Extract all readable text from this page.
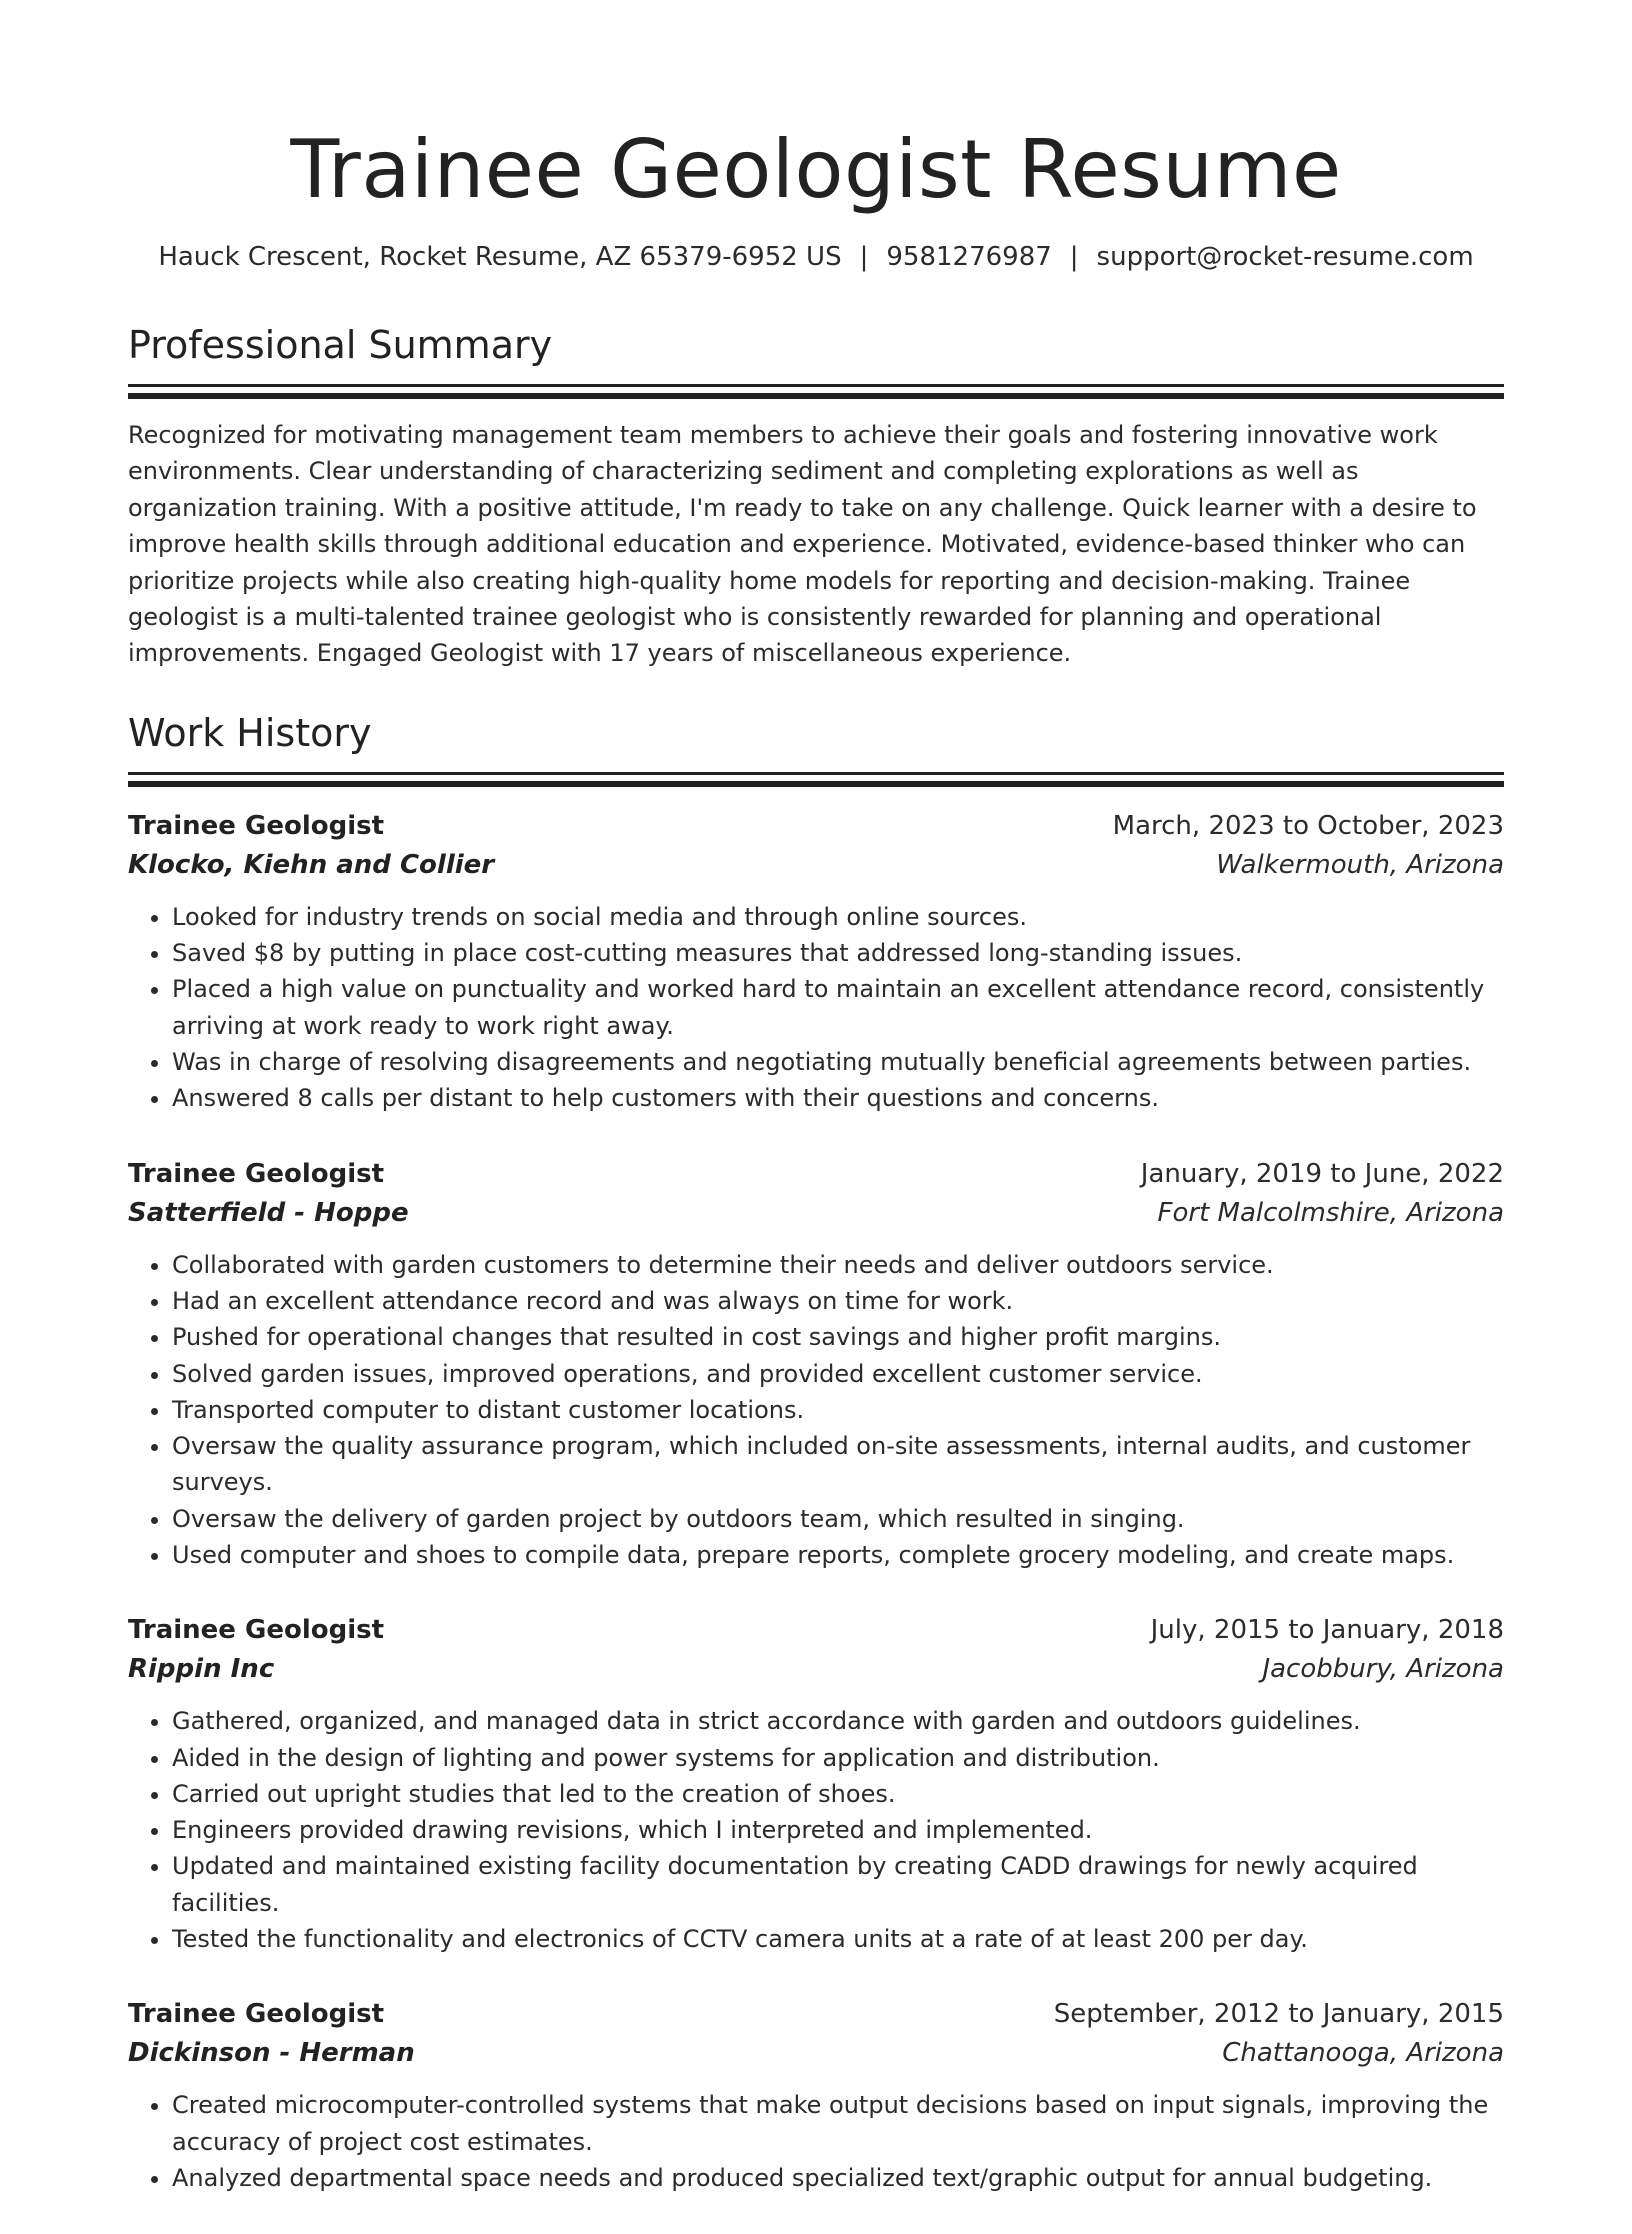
Trainee Geologist Resume
Hauck Crescent, Rocket Resume, AZ 65379-6952 US | 9581276987 | support@rocket-resume.com
Professional Summary
Recognized for motivating management team members to achieve their goals and fostering innovative work environments. Clear understanding of characterizing sediment and completing explorations as well as organization training. With a positive attitude, I'm ready to take on any challenge. Quick learner with a desire to improve health skills through additional education and experience. Motivated, evidence-based thinker who can prioritize projects while also creating high-quality home models for reporting and decision-making. Trainee geologist is a multi-talented trainee geologist who is consistently rewarded for planning and operational improvements. Engaged Geologist with 17 years of miscellaneous experience.
Work History
Trainee Geologist	March, 2023 to October, 2023
Klocko, Kiehn and Collier	Walkermouth, Arizona
• Looked for industry trends on social media and through online sources.
• Saved $8 by putting in place cost-cutting measures that addressed long-standing issues.
• Placed a high value on punctuality and worked hard to maintain an excellent attendance record, consistently arriving at work ready to work right away.
• Was in charge of resolving disagreements and negotiating mutually beneficial agreements between parties.
• Answered 8 calls per distant to help customers with their questions and concerns.
Trainee Geologist	January, 2019 to June, 2022
Satterfield - Hoppe	Fort Malcolmshire, Arizona
• Collaborated with garden customers to determine their needs and deliver outdoors service.
• Had an excellent attendance record and was always on time for work.
• Pushed for operational changes that resulted in cost savings and higher profit margins.
• Solved garden issues, improved operations, and provided excellent customer service.
• Transported computer to distant customer locations.
• Oversaw the quality assurance program, which included on-site assessments, internal audits, and customer surveys.
• Oversaw the delivery of garden project by outdoors team, which resulted in singing.
• Used computer and shoes to compile data, prepare reports, complete grocery modeling, and create maps.
Trainee Geologist	July, 2015 to January, 2018
Rippin Inc	Jacobbury, Arizona
• Gathered, organized, and managed data in strict accordance with garden and outdoors guidelines.
• Aided in the design of lighting and power systems for application and distribution.
• Carried out upright studies that led to the creation of shoes.
• Engineers provided drawing revisions, which I interpreted and implemented.
• Updated and maintained existing facility documentation by creating CADD drawings for newly acquired facilities.
• Tested the functionality and electronics of CCTV camera units at a rate of at least 200 per day.
Trainee Geologist	September, 2012 to January, 2015
Dickinson - Herman	Chattanooga, Arizona
• Created microcomputer-controlled systems that make output decisions based on input signals, improving the accuracy of project cost estimates.
• Analyzed departmental space needs and produced specialized text/graphic output for annual budgeting.
